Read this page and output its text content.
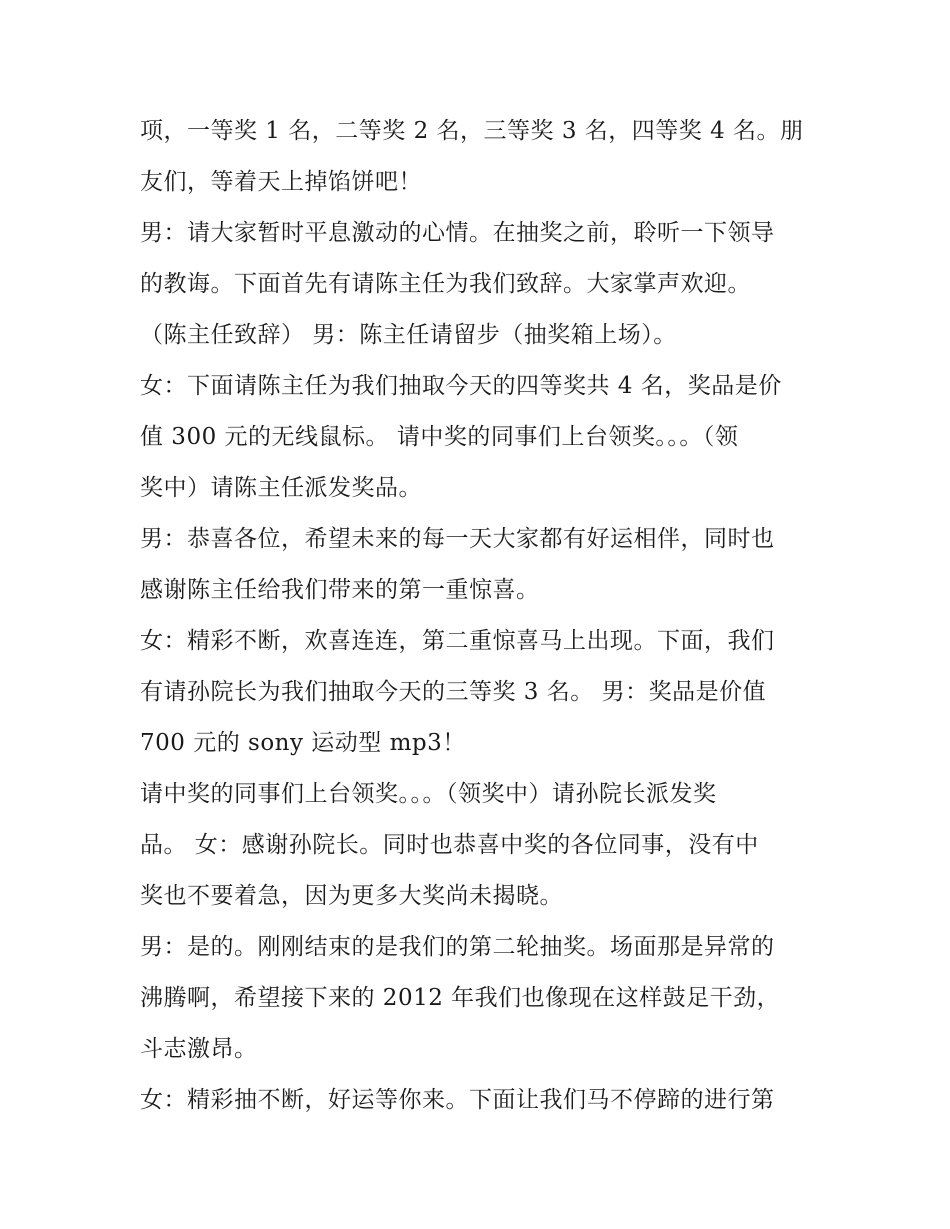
项，一等奖 1 名，二等奖 2 名，三等奖 3 名，四等奖 4 名。朋
友们，等着天上掉馅饼吧！
男：请大家暂时平息激动的心情。在抽奖之前，聆听一下领导
的教诲。下面首先有请陈主任为我们致辞。大家掌声欢迎。
（陈主任致辞） 男：陈主任请留步（抽奖箱上场）。
女：下面请陈主任为我们抽取今天的四等奖共 4 名，奖品是价
值 300 元的无线鼠标。 请中奖的同事们上台领奖。。。（领
奖中）请陈主任派发奖品。
男：恭喜各位，希望未来的每一天大家都有好运相伴，同时也
感谢陈主任给我们带来的第一重惊喜。
女：精彩不断，欢喜连连，第二重惊喜马上出现。下面，我们
有请孙院长为我们抽取今天的三等奖 3 名。 男：奖品是价值
700 元的 sony 运动型 mp3！
请中奖的同事们上台领奖。。。（领奖中）请孙院长派发奖
品。 女：感谢孙院长。同时也恭喜中奖的各位同事，没有中
奖也不要着急，因为更多大奖尚未揭晓。
男：是的。刚刚结束的是我们的第二轮抽奖。场面那是异常的
沸腾啊，希望接下来的 2012 年我们也像现在这样鼓足干劲，
斗志激昂。
女：精彩抽不断，好运等你来。下面让我们马不停蹄的进行第
